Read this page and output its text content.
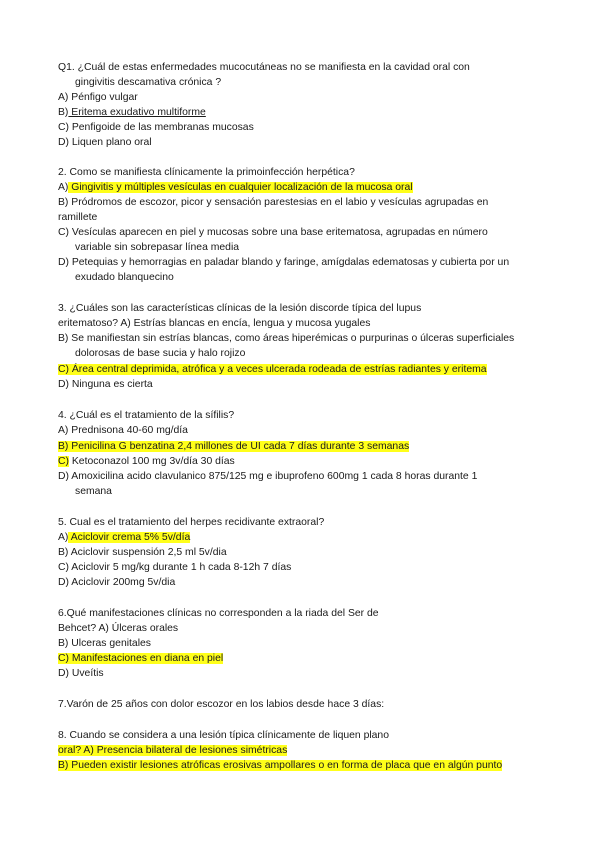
Q1. ¿Cuál de estas enfermedades mucocutáneas no se manifiesta en la cavidad oral con
gingivitis descamativa crónica ?
A) Pénfigo vulgar
B) Eritema exudativo multiforme
C) Penfigoide de las membranas mucosas
D) Liquen plano oral
2. Como se manifiesta clínicamente la primoinfección herpética?
A) Gingivitis y múltiples vesículas en cualquier localización de la mucosa oral
B) Pródromos de escozor, picor y sensación parestesias en el labio y vesículas agrupadas en
ramillete
C) Vesículas aparecen en piel y mucosas sobre una base eritematosa, agrupadas en número
variable sin sobrepasar línea media
D) Petequias y hemorragias en paladar blando y faringe, amígdalas edematosas y cubierta por un
exudado blanquecino
3. ¿Cuáles son las características clínicas de la lesión discorde típica del lupus
eritematoso? A) Estrías blancas en encía, lengua y mucosa yugales
B) Se manifiestan sin estrías blancas, como áreas hiperémicas o purpurinas o úlceras superficiales
dolorosas de base sucia y halo rojizo
C) Área central deprimida, atrófica y a veces ulcerada rodeada de estrías radiantes y eritema
D) Ninguna es cierta
4. ¿Cuál es el tratamiento de la sífilis?
A) Prednisona 40-60 mg/día
B) Penicilina G benzatina 2,4 millones de UI cada 7 días durante 3 semanas
C) Ketoconazol 100 mg 3v/día 30 días
D) Amoxicilina acido clavulanico 875/125 mg e ibuprofeno 600mg 1 cada 8 horas durante 1
semana
5. Cual es el tratamiento del herpes recidivante extraoral?
A) Aciclovir crema 5% 5v/día
B) Aciclovir suspensión 2,5 ml 5v/dia
C) Aciclovir 5 mg/kg durante 1 h cada 8-12h 7 días
D) Aciclovir 200mg 5v/dia
6.Qué manifestaciones clínicas no corresponden a la riada del Ser de
Behcet? A) Úlceras orales
B) Ulceras genitales
C) Manifestaciones en diana en piel
D) Uveítis
7.Varón de 25 años con dolor escozor en los labios desde hace 3 días:
8. Cuando se considera a una lesión típica clínicamente de liquen plano
oral? A) Presencia bilateral de lesiones simétricas
B) Pueden existir lesiones atróficas erosivas ampollares o en forma de placa que en algún punto
